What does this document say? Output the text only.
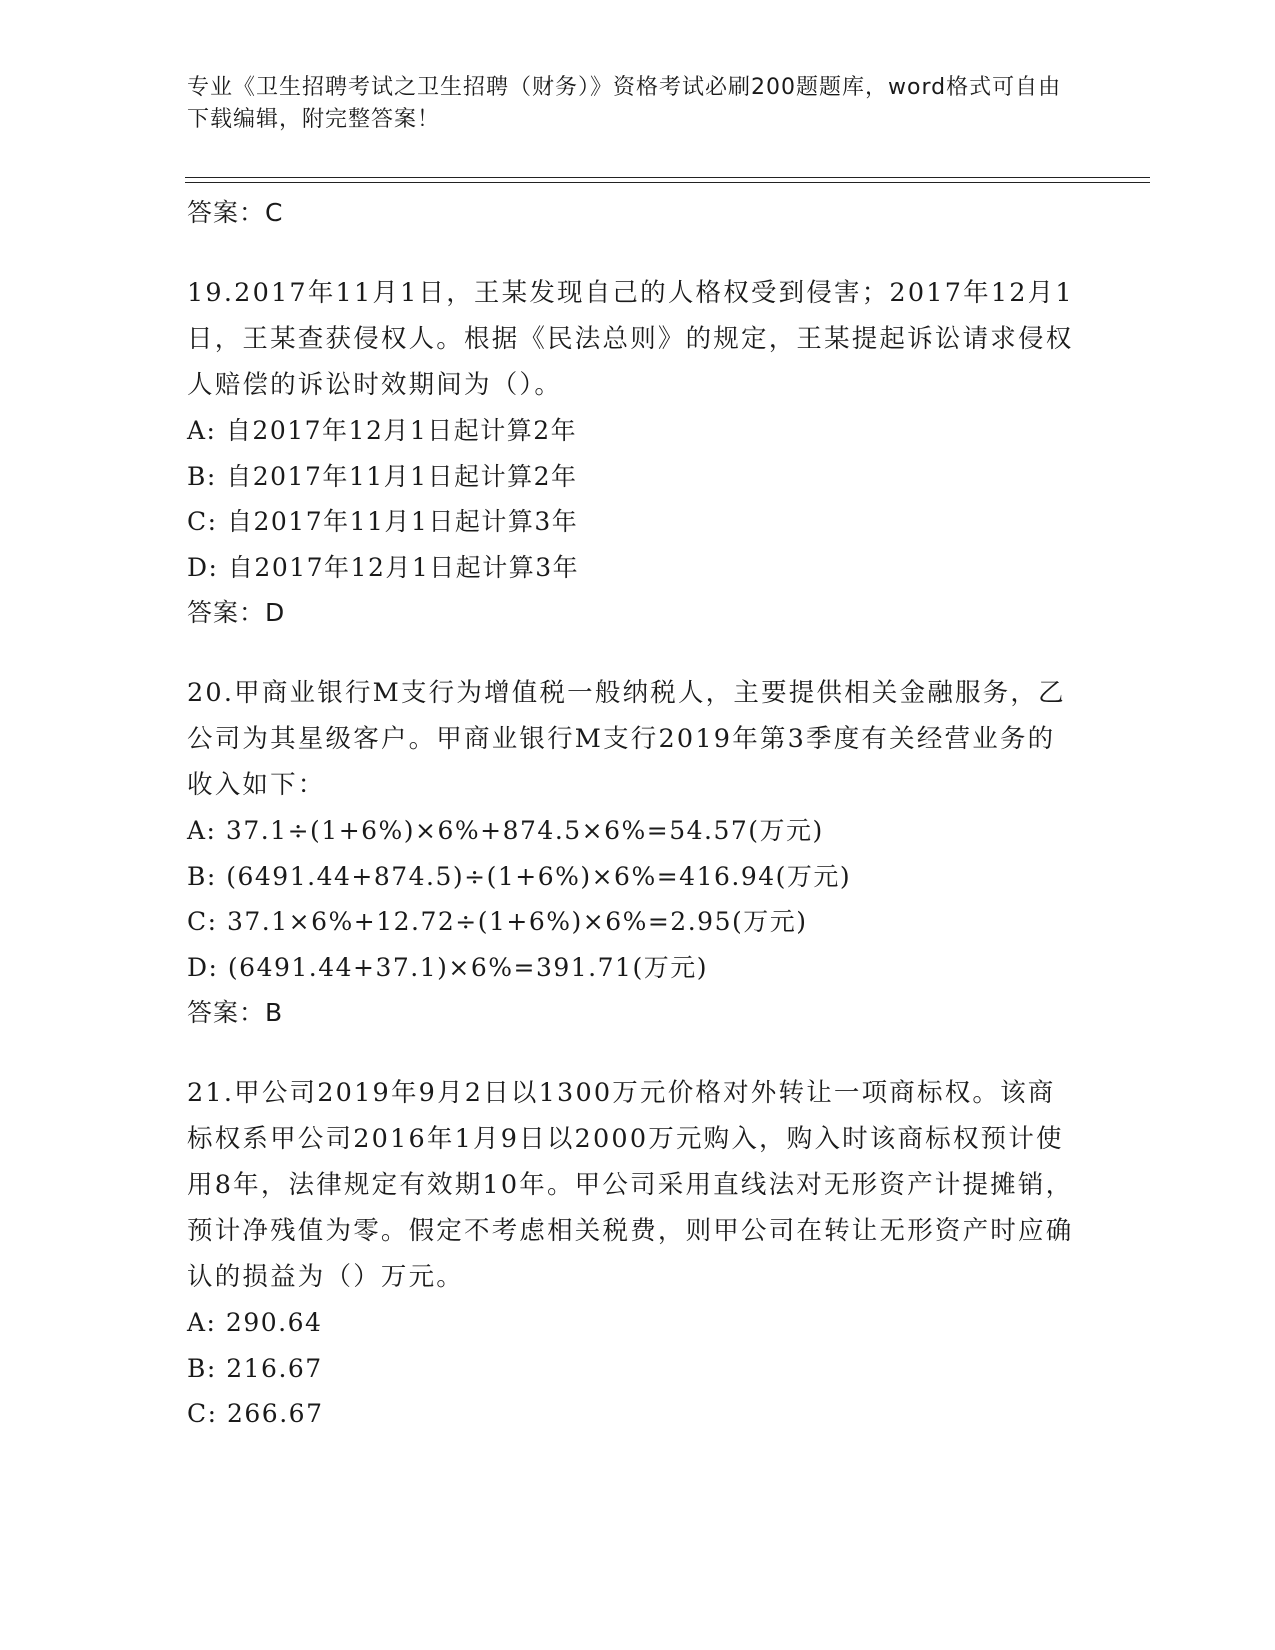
专业《卫生招聘考试之卫生招聘（财务）》资格考试必刷200题题库，word格式可自由下载编辑，附完整答案！

答案：C

19.2017年11月1日，王某发现自己的人格权受到侵害；2017年12月1日，王某查获侵权人。根据《民法总则》的规定，王某提起诉讼请求侵权人赔偿的诉讼时效期间为（）。

A: 自2017年12月1日起计算2年

B: 自2017年11月1日起计算2年

C: 自2017年11月1日起计算3年

D: 自2017年12月1日起计算3年

答案：D

20.甲商业银行M支行为增值税一般纳税人，主要提供相关金融服务，乙公司为其星级客户。甲商业银行M支行2019年第3季度有关经营业务的收入如下：

A: 37.1÷(1+6%)×6%+874.5×6%=54.57(万元)

B: (6491.44+874.5)÷(1+6%)×6%=416.94(万元)

C: 37.1×6%+12.72÷(1+6%)×6%=2.95(万元)

D: (6491.44+37.1)×6%=391.71(万元)

答案：B

21.甲公司2019年9月2日以1300万元价格对外转让一项商标权。该商标权系甲公司2016年1月9日以2000万元购入，购入时该商标权预计使用8年，法律规定有效期10年。甲公司采用直线法对无形资产计提摊销，预计净残值为零。假定不考虑相关税费，则甲公司在转让无形资产时应确认的损益为（）万元。

A: 290.64

B: 216.67

C: 266.67
